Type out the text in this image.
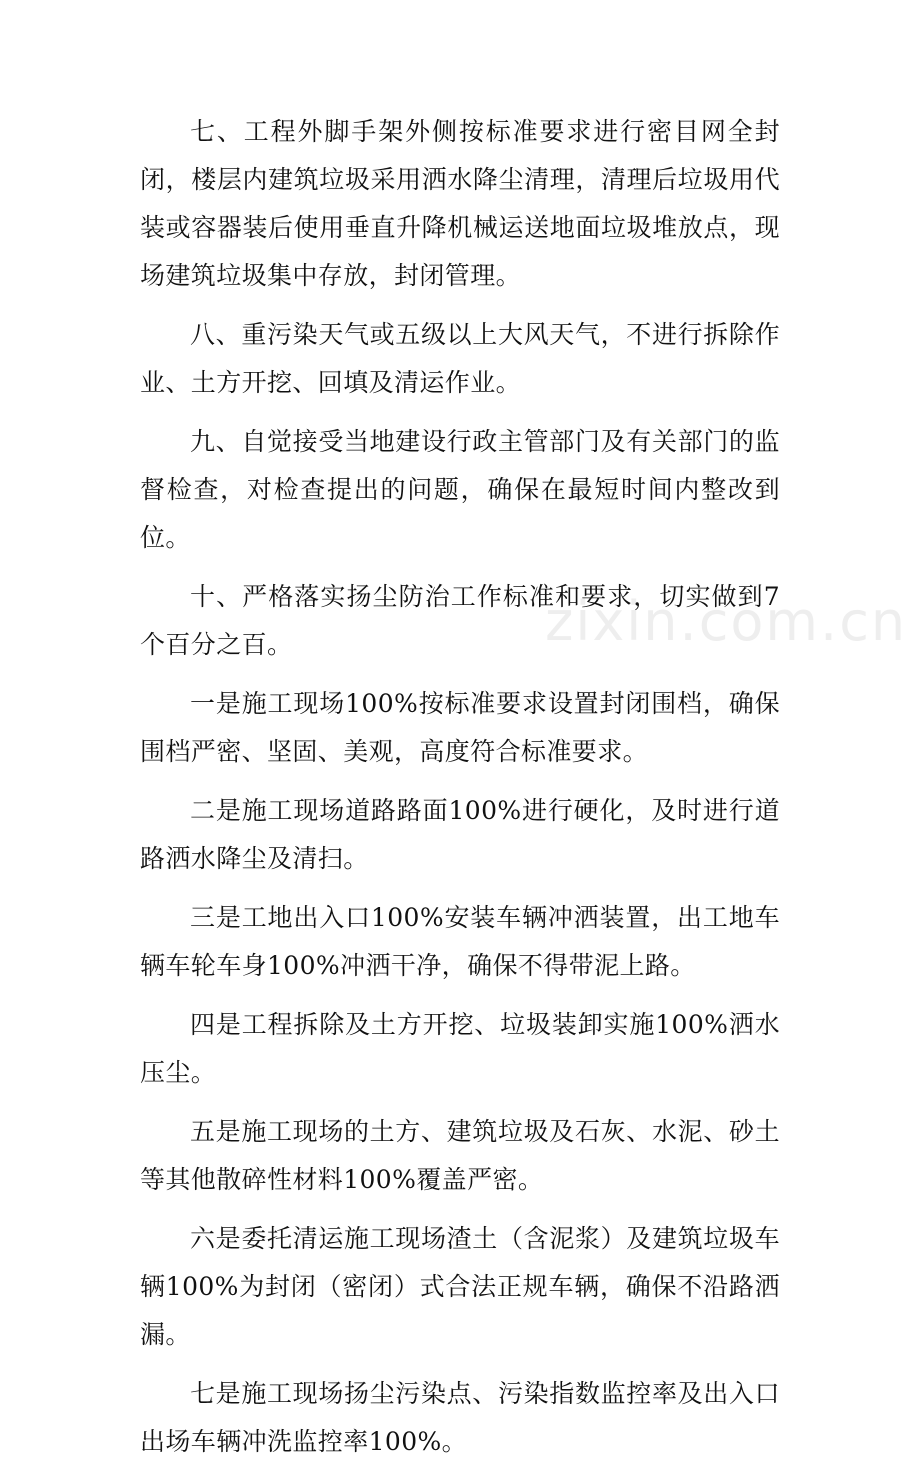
七、工程外脚手架外侧按标准要求进行密目网全封闭，楼层内建筑垃圾采用洒水降尘清理，清理后垃圾用代装或容器装后使用垂直升降机械运送地面垃圾堆放点，现场建筑垃圾集中存放，封闭管理。

八、重污染天气或五级以上大风天气，不进行拆除作业、土方开挖、回填及清运作业。

九、自觉接受当地建设行政主管部门及有关部门的监督检查，对检查提出的问题，确保在最短时间内整改到位。

十、严格落实扬尘防治工作标准和要求，切实做到7个百分之百。

一是施工现场100%按标准要求设置封闭围档，确保围档严密、坚固、美观，高度符合标准要求。

二是施工现场道路路面100%进行硬化，及时进行道路洒水降尘及清扫。

三是工地出入口100%安装车辆冲洒装置，出工地车辆车轮车身100%冲洒干净，确保不得带泥上路。

四是工程拆除及土方开挖、垃圾装卸实施100%洒水压尘。

五是施工现场的土方、建筑垃圾及石灰、水泥、砂土等其他散碎性材料100%覆盖严密。

六是委托清运施工现场渣土（含泥浆）及建筑垃圾车辆100%为封闭（密闭）式合法正规车辆，确保不沿路洒漏。

七是施工现场扬尘污染点、污染指数监控率及出入口出场车辆冲洗监控率100%。

zixin.com.cn
